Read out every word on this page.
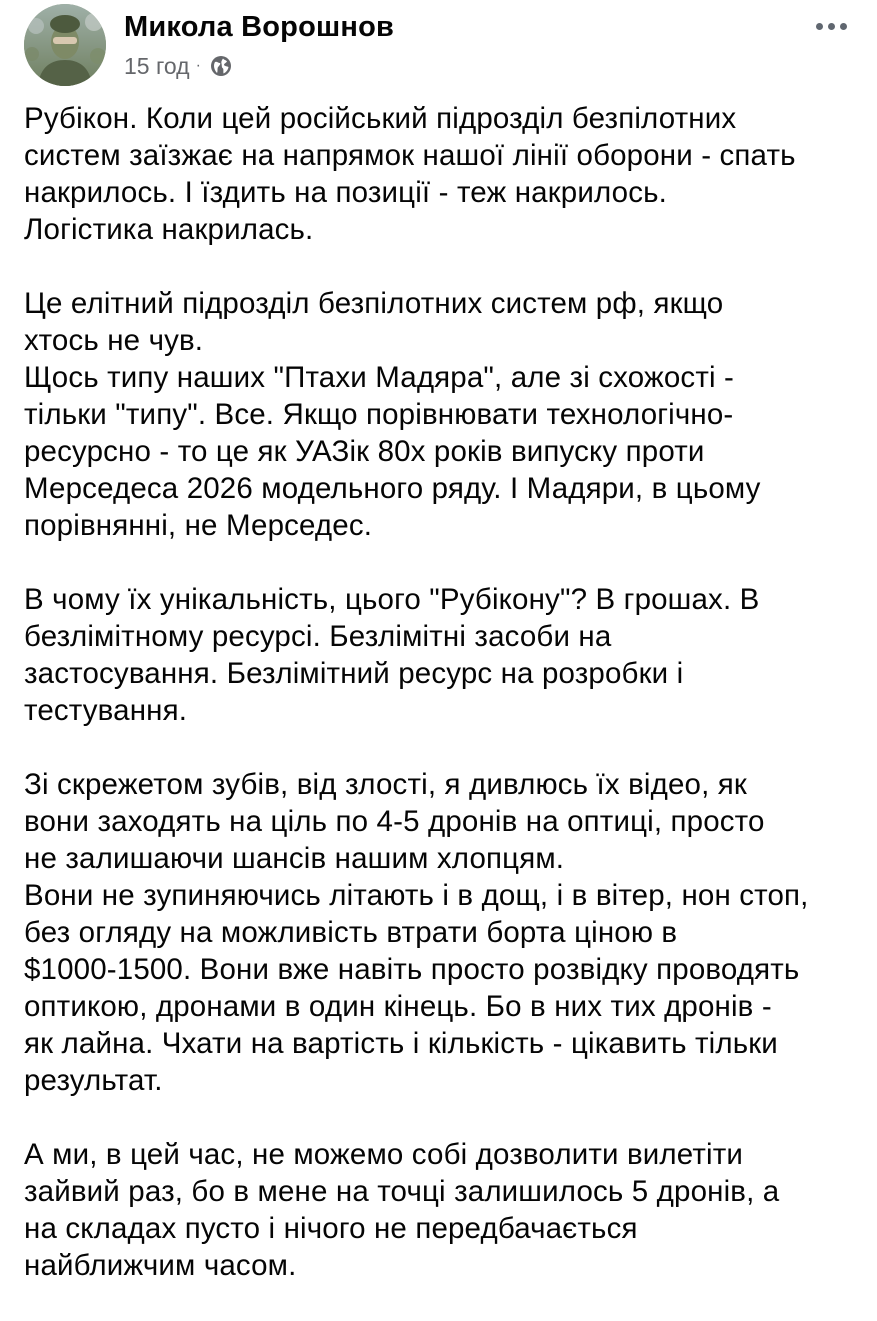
Микола Ворошнов
15 год ·
Рубікон. Коли цей російський підрозділ безпілотних
систем заїзжає на напрямок нашої лінії оборони - спать
накрилось. І їздить на позиції - теж накрилось.
Логістика накрилась.
Це елітний підрозділ безпілотних систем рф, якщо
хтось не чув.
Щось типу наших "Птахи Мадяра", але зі схожості -
тільки "типу". Все. Якщо порівнювати технологічно-
ресурсно - то це як УАЗік 80х років випуску проти
Мерседеса 2026 модельного ряду. І Мадяри, в цьому
порівнянні, не Мерседес.
В чому їх унікальність, цього "Рубікону"? В грошах. В
безлімітному ресурсі. Безлімітні засоби на
застосування. Безлімітний ресурс на розробки і
тестування.
Зі скрежетом зубів, від злості, я дивлюсь їх відео, як
вони заходять на ціль по 4-5 дронів на оптиці, просто
не залишаючи шансів нашим хлопцям.
Вони не зупиняючись літають і в дощ, і в вітер, нон стоп,
без огляду на можливість втрати борта ціною в
$1000-1500. Вони вже навіть просто розвідку проводять
оптикою, дронами в один кінець. Бо в них тих дронів -
як лайна. Чхати на вартість і кількість - цікавить тільки
результат.
А ми, в цей час, не можемо собі дозволити вилетіти
зайвий раз, бо в мене на точці залишилось 5 дронів, а
на складах пусто і нічого не передбачається
найближчим часом.
